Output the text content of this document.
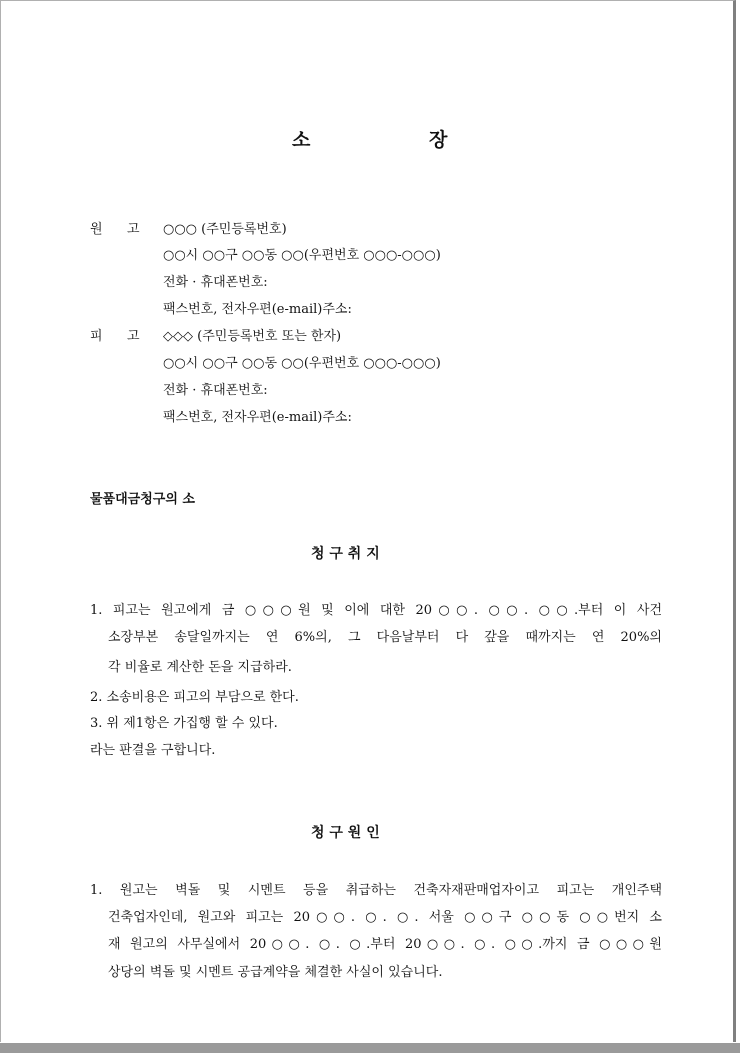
소	장
원 고 ○○○ (주민등록번호)
○○시 ○○구 ○○동 ○○(우편번호 ○○○-○○○)
전화 · 휴대폰번호:
팩스번호, 전자우편(e-mail)주소:
피 고 ◇◇◇ (주민등록번호 또는 한자)
○○시 ○○구 ○○동 ○○(우편번호 ○○○-○○○)
전화 · 휴대폰번호:
팩스번호, 전자우편(e-mail)주소:
물품대금청구의 소
청 구 취 지
1. 피고는 원고에게 금 ○○○원 및 이에 대한 20○○. ○○. ○○.부터 이 사건
소장부본 송달일까지는 연 6%의, 그 다음날부터 다 갚을 때까지는 연 20%의
각 비율로 계산한 돈을 지급하라.
2. 소송비용은 피고의 부담으로 한다.
3. 위 제1항은 가집행 할 수 있다.
라는 판결을 구합니다.
청 구 원 인
1. 원고는 벽돌 및 시멘트 등을 취급하는 건축자재판매업자이고 피고는 개인주택
건축업자인데, 원고와 피고는 20○○. ○. ○. 서울 ○○구 ○○동 ○○번지 소
재 원고의 사무실에서 20○○. ○. ○.부터 20○○. ○. ○○.까지 금 ○○○원
상당의 벽돌 및 시멘트 공급계약을 체결한 사실이 있습니다.
